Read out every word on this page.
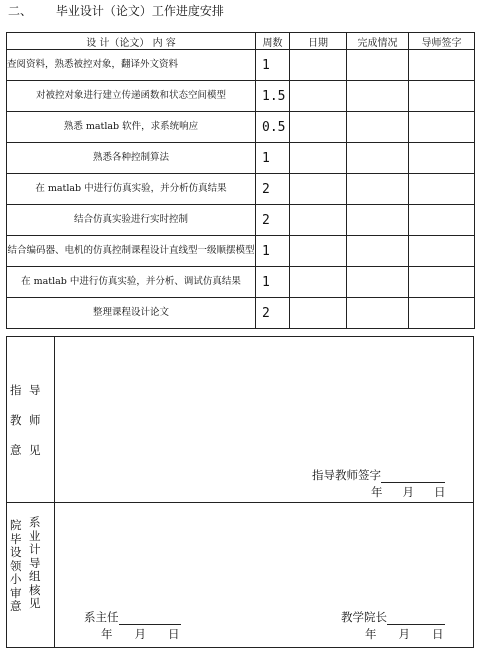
二、 毕业设计（论文）工作进度安排
设 计（论文） 内 容	周数	日期	完成情况	导师签字
查阅资料，熟悉被控对象，翻译外文资料	1			
对被控对象进行建立传递函数和状态空间模型	1.5			
熟悉 matlab 软件，求系统响应	0.5			
熟悉各种控制算法	1			
在 matlab 中进行仿真实验，并分析仿真结果	2			
结合仿真实验进行实时控制	2			
结合编码器、电机的仿真控制课程设计直线型一级顺摆模型	1			
在 matlab 中进行仿真实验，并分析、调试仿真结果	1			
整理课程设计论文	2			
指
教
意
导
师
见
指导教师签字
年 月 日
院
毕
设
领
小
审
意
系
业
计
导
组
核
见
系主任
年 月 日
教学院长
年 月 日
